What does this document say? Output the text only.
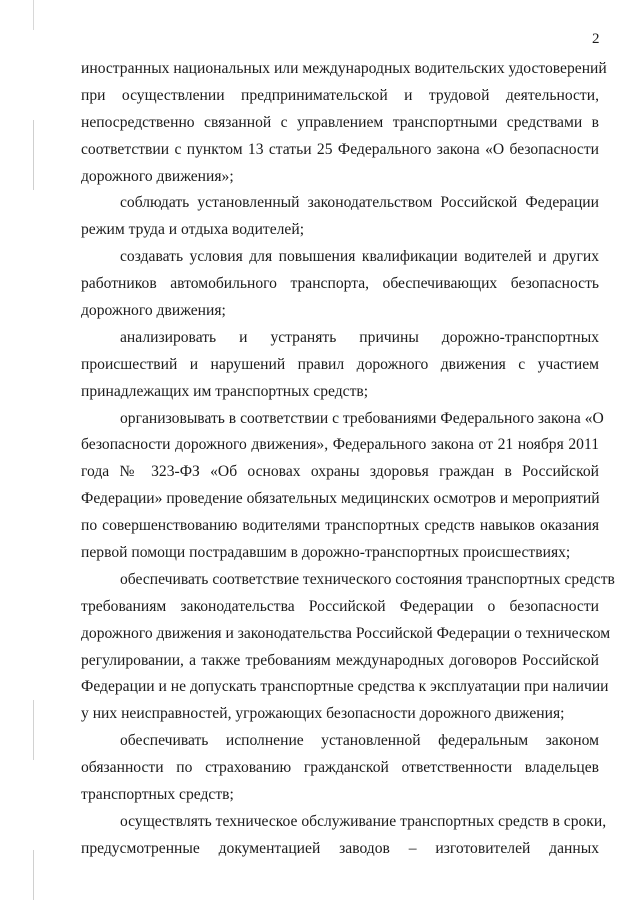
2
иностранных национальных или международных водительских удостоверений
при осуществлении предпринимательской и трудовой деятельности,
непосредственно связанной с управлением транспортными средствами в
соответствии с пунктом 13 статьи 25 Федерального закона «О безопасности
дорожного движения»;
соблюдать установленный законодательством Российской Федерации
режим труда и отдыха водителей;
создавать условия для повышения квалификации водителей и других
работников автомобильного транспорта, обеспечивающих безопасность
дорожного движения;
анализировать и устранять причины дорожно-транспортных
происшествий и нарушений правил дорожного движения с участием
принадлежащих им транспортных средств;
организовывать в соответствии с требованиями Федерального закона «О
безопасности дорожного движения», Федерального закона от 21 ноября 2011
года № 323-ФЗ «Об основах охраны здоровья граждан в Российской
Федерации» проведение обязательных медицинских осмотров и мероприятий
по совершенствованию водителями транспортных средств навыков оказания
первой помощи пострадавшим в дорожно-транспортных происшествиях;
обеспечивать соответствие технического состояния транспортных средств
требованиям законодательства Российской Федерации о безопасности
дорожного движения и законодательства Российской Федерации о техническом
регулировании, а также требованиям международных договоров Российской
Федерации и не допускать транспортные средства к эксплуатации при наличии
у них неисправностей, угрожающих безопасности дорожного движения;
обеспечивать исполнение установленной федеральным законом
обязанности по страхованию гражданской ответственности владельцев
транспортных средств;
осуществлять техническое обслуживание транспортных средств в сроки,
предусмотренные документацией заводов – изготовителей данных
